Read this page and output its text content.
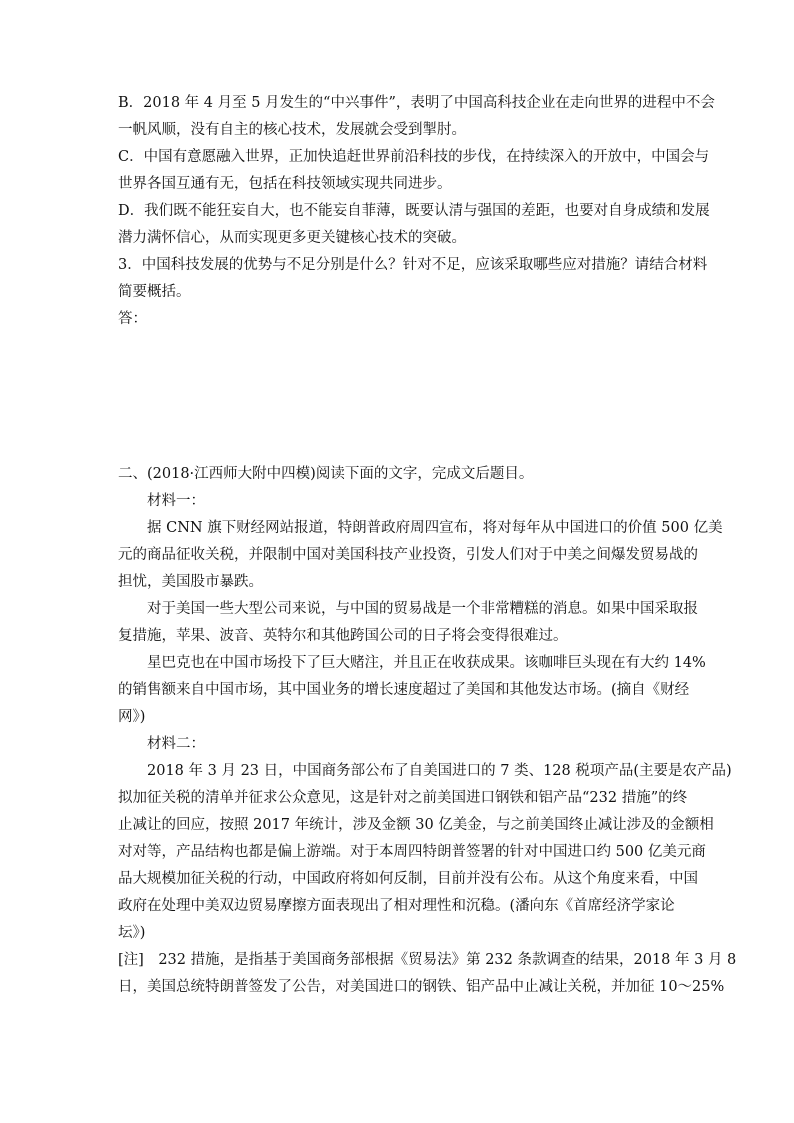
B．2018 年 4 月至 5 月发生的“中兴事件”，表明了中国高科技企业在走向世界的进程中不会

一帆风顺，没有自主的核心技术，发展就会受到掣肘。

C．中国有意愿融入世界，正加快追赶世界前沿科技的步伐，在持续深入的开放中，中国会与

世界各国互通有无，包括在科技领域实现共同进步。

D．我们既不能狂妄自大，也不能妄自菲薄，既要认清与强国的差距，也要对自身成绩和发展

潜力满怀信心，从而实现更多更关键核心技术的突破。

3．中国科技发展的优势与不足分别是什么？针对不足，应该采取哪些应对措施？请结合材料

简要概括。

答：

二、(2018·江西师大附中四模)阅读下面的文字，完成文后题目。

材料一：

据 CNN 旗下财经网站报道，特朗普政府周四宣布，将对每年从中国进口的价值 500 亿美

元的商品征收关税，并限制中国对美国科技产业投资，引发人们对于中美之间爆发贸易战的

担忧，美国股市暴跌。

对于美国一些大型公司来说，与中国的贸易战是一个非常糟糕的消息。如果中国采取报

复措施，苹果、波音、英特尔和其他跨国公司的日子将会变得很难过。

星巴克也在中国市场投下了巨大赌注，并且正在收获成果。该咖啡巨头现在有大约 14%

的销售额来自中国市场，其中国业务的增长速度超过了美国和其他发达市场。(摘自《财经

网》)

材料二：

2018 年 3 月 23 日，中国商务部公布了自美国进口的 7 类、128 税项产品(主要是农产品)

拟加征关税的清单并征求公众意见，这是针对之前美国进口钢铁和铝产品“232 措施”的终

止减让的回应，按照 2017 年统计，涉及金额 30 亿美金，与之前美国终止减让涉及的金额相

对对等，产品结构也都是偏上游端。对于本周四特朗普签署的针对中国进口约 500 亿美元商

品大规模加征关税的行动，中国政府将如何反制，目前并没有公布。从这个角度来看，中国

政府在处理中美双边贸易摩擦方面表现出了相对理性和沉稳。(潘向东《首席经济学家论

坛》)

[注]　232 措施，是指基于美国商务部根据《贸易法》第 232 条款调查的结果，2018 年 3 月 8

日，美国总统特朗普签发了公告，对美国进口的钢铁、铝产品中止减让关税，并加征 10～25%
